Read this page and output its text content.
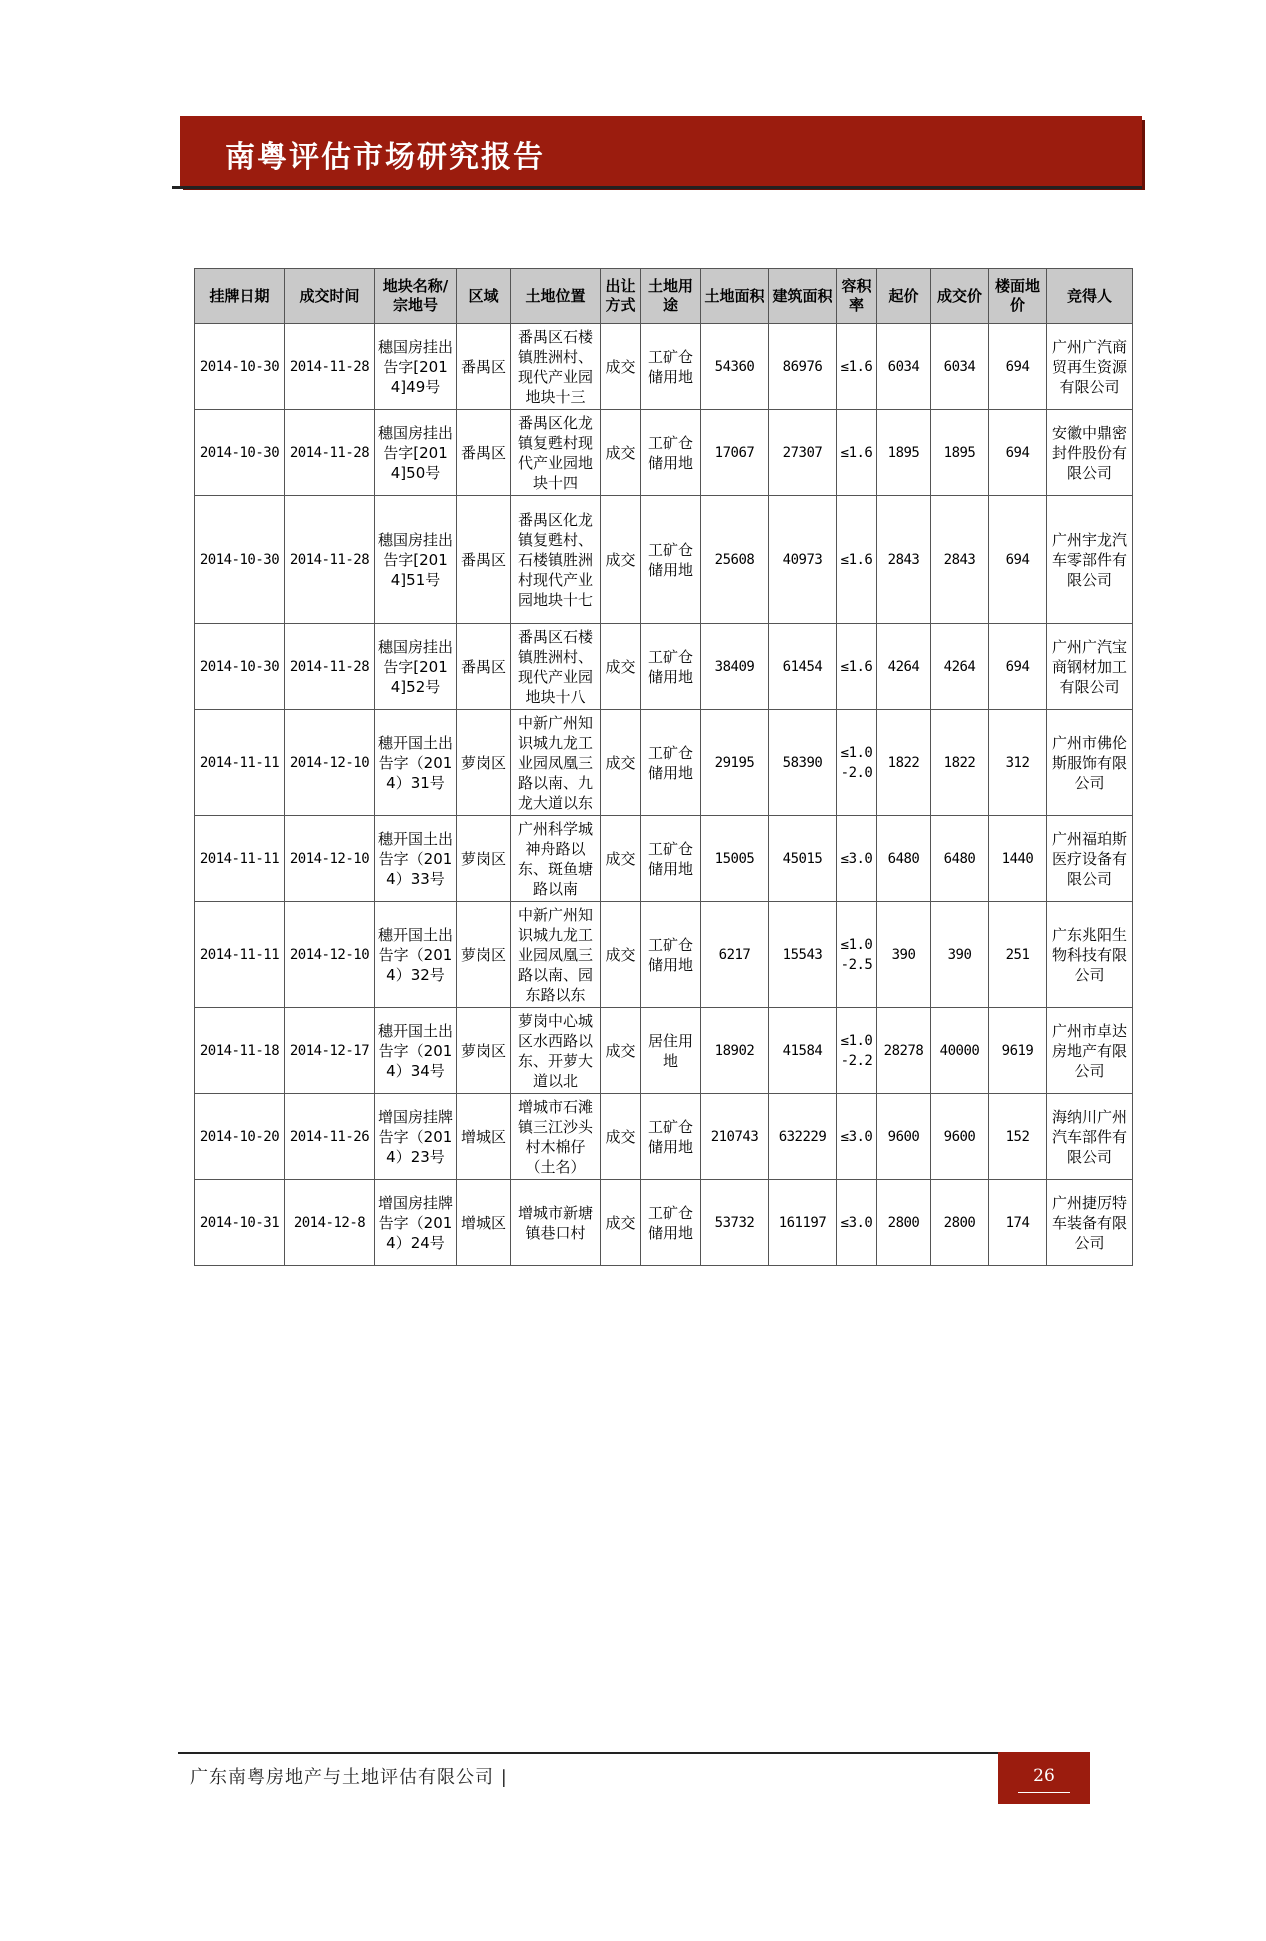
南粤评估市场研究报告
挂牌日期	成交时间	地块名称/宗地号	区域	土地位置	出让方式	土地用途	土地面积	建筑面积	容积率	起价	成交价	楼面地价	竞得人
2014-10-30	2014-11-28	穗国房挂出告字[2014]49号	番禺区	番禺区石楼镇胜洲村、现代产业园地块十三	成交	工矿仓储用地	54360	86976	≤1.6	6034	6034	694	广州广汽商贸再生资源有限公司
2014-10-30	2014-11-28	穗国房挂出告字[2014]50号	番禺区	番禺区化龙镇复甦村现代产业园地块十四	成交	工矿仓储用地	17067	27307	≤1.6	1895	1895	694	安徽中鼎密封件股份有限公司
2014-10-30	2014-11-28	穗国房挂出告字[2014]51号	番禺区	番禺区化龙镇复甦村、石楼镇胜洲村现代产业园地块十七	成交	工矿仓储用地	25608	40973	≤1.6	2843	2843	694	广州宇龙汽车零部件有限公司
2014-10-30	2014-11-28	穗国房挂出告字[2014]52号	番禺区	番禺区石楼镇胜洲村、现代产业园地块十八	成交	工矿仓储用地	38409	61454	≤1.6	4264	4264	694	广州广汽宝商钢材加工有限公司
2014-11-11	2014-12-10	穗开国土出告字（2014）31号	萝岗区	中新广州知识城九龙工业园凤凰三路以南、九龙大道以东	成交	工矿仓储用地	29195	58390	≤1.0-2.0	1822	1822	312	广州市佛伦斯服饰有限公司
2014-11-11	2014-12-10	穗开国土出告字（2014）33号	萝岗区	广州科学城神舟路以东、斑鱼塘路以南	成交	工矿仓储用地	15005	45015	≤3.0	6480	6480	1440	广州福珀斯医疗设备有限公司
2014-11-11	2014-12-10	穗开国土出告字（2014）32号	萝岗区	中新广州知识城九龙工业园凤凰三路以南、园东路以东	成交	工矿仓储用地	6217	15543	≤1.0-2.5	390	390	251	广东兆阳生物科技有限公司
2014-11-18	2014-12-17	穗开国土出告字（2014）34号	萝岗区	萝岗中心城区水西路以东、开萝大道以北	成交	居住用地	18902	41584	≤1.0-2.2	28278	40000	9619	广州市卓达房地产有限公司
2014-10-20	2014-11-26	增国房挂牌告字（2014）23号	增城区	增城市石滩镇三江沙头村木棉仔（土名）	成交	工矿仓储用地	210743	632229	≤3.0	9600	9600	152	海纳川广州汽车部件有限公司
2014-10-31	2014-12-8	增国房挂牌告字（2014）24号	增城区	增城市新塘镇巷口村	成交	工矿仓储用地	53732	161197	≤3.0	2800	2800	174	广州捷厉特车装备有限公司
广东南粤房地产与土地评估有限公司 |	26
